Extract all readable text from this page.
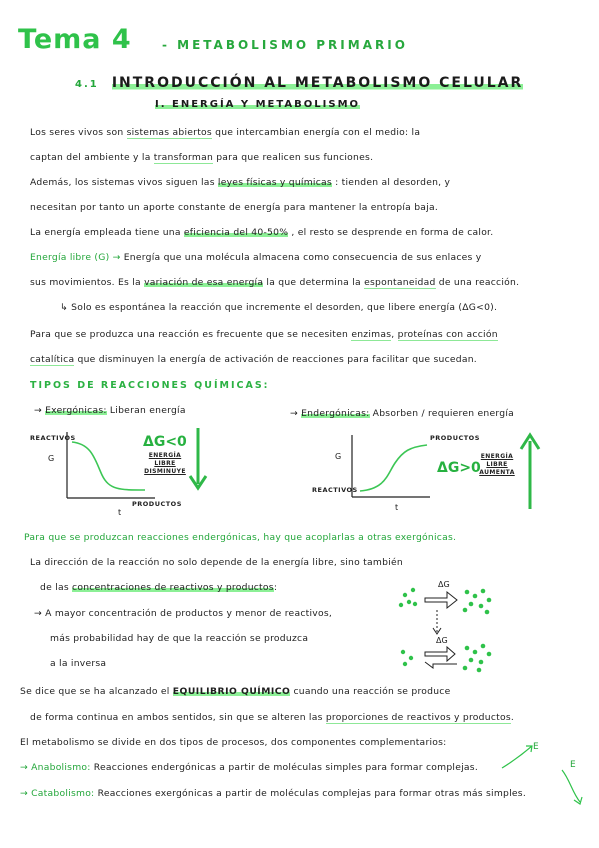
Tema 4	- METABOLISMO PRIMARIO
4.1 INTRODUCCIÓN AL METABOLISMO CELULAR
I. ENERGÍA Y METABOLISMO
Los seres vivos son sistemas abiertos que intercambian energía con el medio: la
captan del ambiente y la transforman para que realicen sus funciones.
Además, los sistemas vivos siguen las leyes físicas y químicas : tienden al desorden, y
necesitan por tanto un aporte constante de energía para mantener la entropía baja.
La energía empleada tiene una eficiencia del 40-50% , el resto se desprende en forma de calor.
Energía libre (G) → Energía que una molécula almacena como consecuencia de sus enlaces y
sus movimientos. Es la variación de esa energía la que determina la espontaneidad de una reacción.
↳ Solo es espontánea la reacción que incremente el desorden, que libere energía (ΔG<0).
Para que se produzca una reacción es frecuente que se necesiten enzimas, proteínas con acción
catalítica que disminuyen la energía de activación de reacciones para facilitar que sucedan.
TIPOS DE REACCIONES QUÍMICAS:
→ Exergónicas: Liberan energía	→ Endergónicas: Absorben / requieren energía
REACTIVOS
G
PRODUCTOS
t
ΔG<0
ENERGÍA
LIBRE
DISMINUYE
PRODUCTOS
G
REACTIVOS
t
ΔG>0
ENERGÍA
LIBRE
AUMENTA
Para que se produzcan reacciones endergónicas, hay que acoplarlas a otras exergónicas.
La dirección de la reacción no solo depende de la energía libre, sino también
de las concentraciones de reactivos y productos:
→ A mayor concentración de productos y menor de reactivos,
más probabilidad hay de que la reacción se produzca
a la inversa
ΔG
ΔG
Se dice que se ha alcanzado el EQUILIBRIO QUÍMICO cuando una reacción se produce
de forma continua en ambos sentidos, sin que se alteren las proporciones de reactivos y productos.
El metabolismo se divide en dos tipos de procesos, dos componentes complementarios:
→ Anabolismo: Reacciones endergónicas a partir de moléculas simples para formar complejas.
→ Catabolismo: Reacciones exergónicas a partir de moléculas complejas para formar otras más simples.
E
E
